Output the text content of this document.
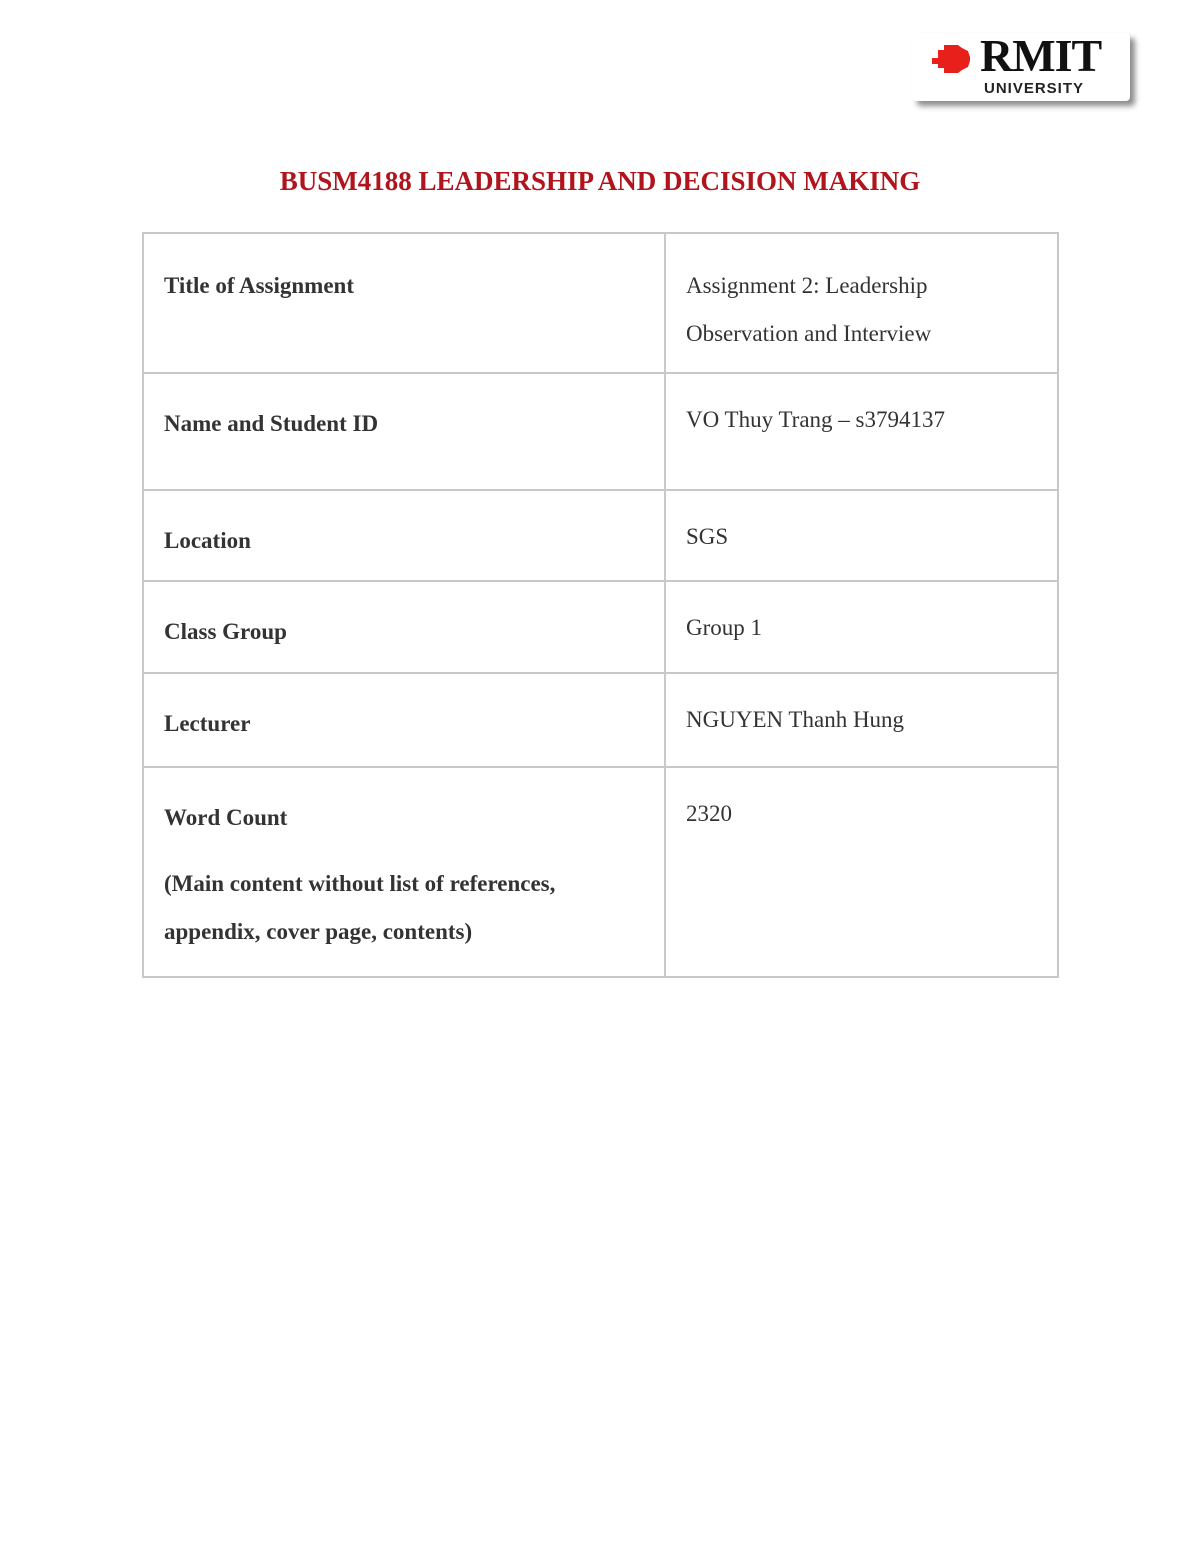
RMIT
UNIVERSITY
BUSM4188 LEADERSHIP AND DECISION MAKING
Title of Assignment	Assignment 2: Leadership Observation and Interview
Name and Student ID	VO Thuy Trang – s3794137
Location	SGS
Class Group	Group 1
Lecturer	NGUYEN Thanh Hung
Word Count
(Main content without list of references, appendix, cover page, contents)	2320
